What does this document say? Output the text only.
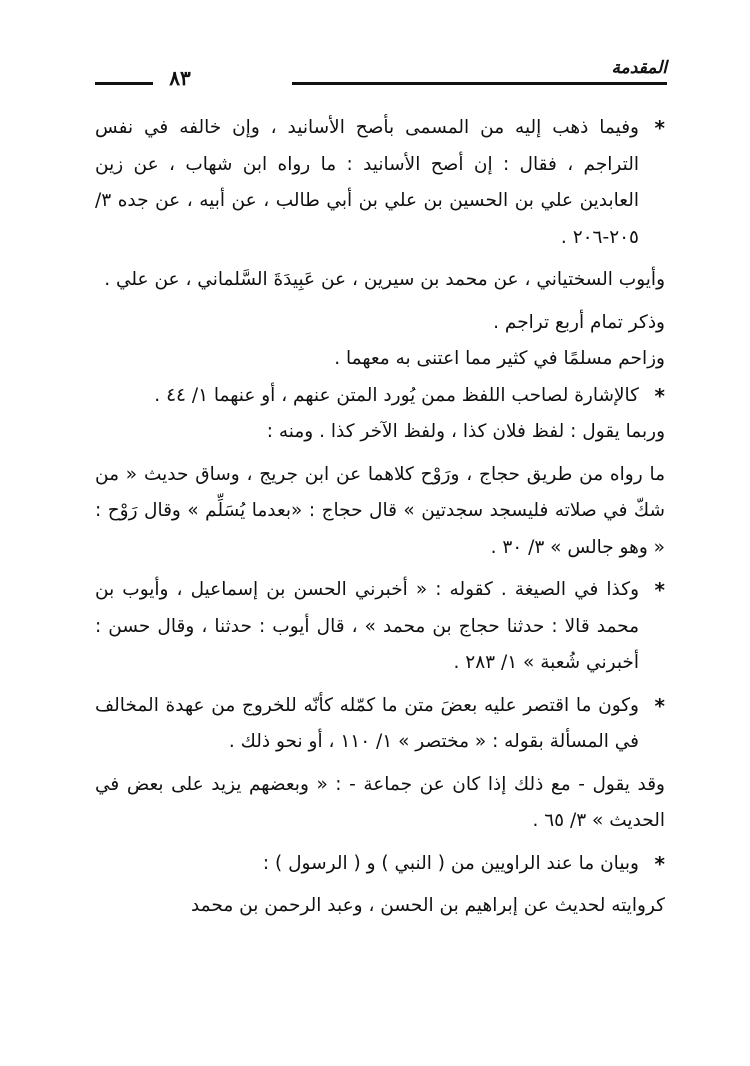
المقدمة
٨٣

*
وفيما ذهب إليه من المسمى بأصح الأسانيد ، وإن خالفه في نفس التراجم ، فقال : إن أصح الأسانيد : ما رواه ابن شهاب ، عن زين العابدين علي بن الحسين بن علي بن أبي طالب ، عن أبيه ، عن جده ٣/ ٢٠٥-٢٠٦ .

وأيوب السختياني ، عن محمد بن سيرين ، عن عَبِيدَةَ السَّلماني ، عن علي .

وذكر تمام أربع تراجم .

وزاحم مسلمًا في كثير مما اعتنى به معهما .

*
كالإشارة لصاحب اللفظ ممن يُورد المتن عنهم ، أو عنهما ١/ ٤٤ .

وربما يقول : لفظ فلان كذا ، ولفظ الآخر كذا . ومنه :

ما رواه من طريق حجاج ، ورَوْح كلاهما عن ابن جريج ، وساق حديث « من شكّ في صلاته فليسجد سجدتين » قال حجاج : «بعدما يُسَلِّم » وقال رَوْح : « وهو جالس » ٣/ ٣٠ .

*
وكذا في الصيغة . كقوله : « أخبرني الحسن بن إسماعيل ، وأيوب بن محمد قالا : حدثنا حجاج بن محمد » ، قال أيوب : حدثنا ، وقال حسن : أخبرني شُعبة » ١/ ٢٨٣ .

*
وكون ما اقتصر عليه بعضَ متن ما كمّله كأنّه للخروج من عهدة المخالف في المسألة بقوله : « مختصر » ١/ ١١٠ ، أو نحو ذلك .

وقد يقول - مع ذلك إذا كان عن جماعة - : « وبعضهم يزيد على بعض في الحديث » ٣/ ٦٥ .

*
وبيان ما عند الراويين من ( النبي ) و ( الرسول ) :

كروايته لحديث عن إبراهيم بن الحسن ، وعبد الرحمن بن محمد
